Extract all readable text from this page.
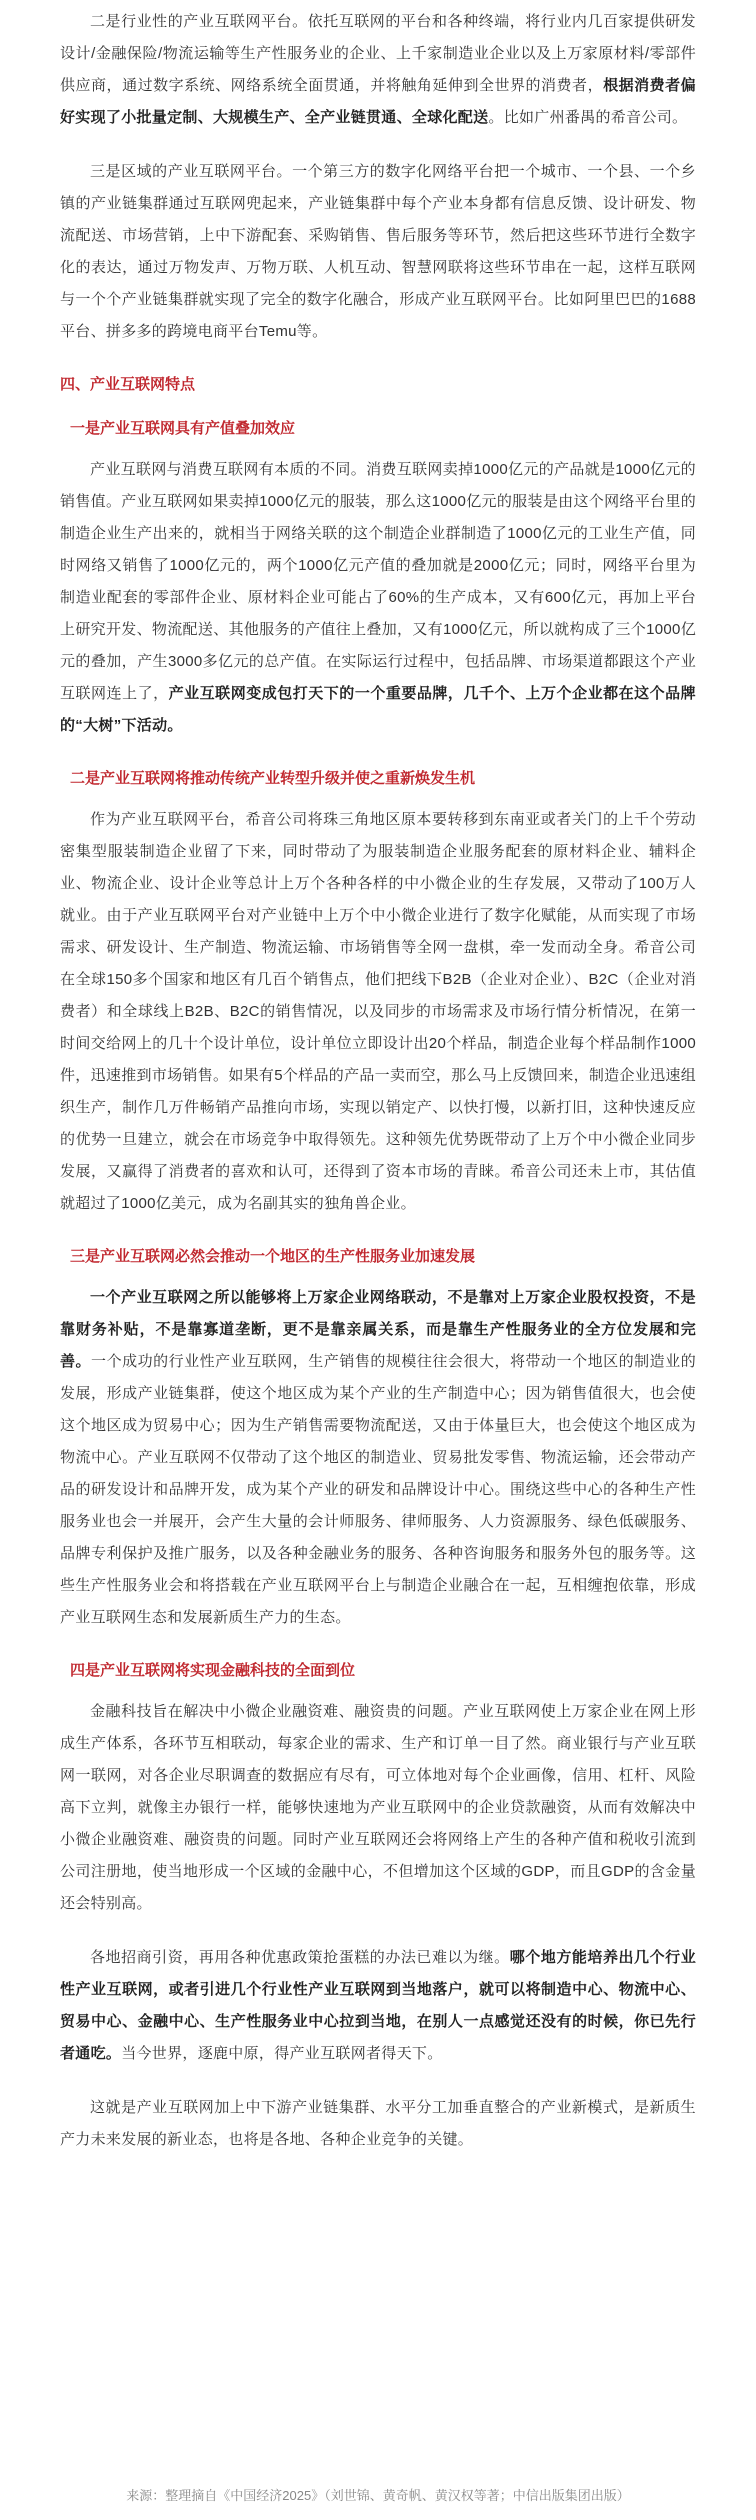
二是行业性的产业互联网平台。依托互联网的平台和各种终端，将行业内几百家提供研发设计/金融保险/物流运输等生产性服务业的企业、上千家制造业企业以及上万家原材料/零部件供应商，通过数字系统、网络系统全面贯通，并将触角延伸到全世界的消费者，根据消费者偏好实现了小批量定制、大规模生产、全产业链贯通、全球化配送。比如广州番禺的希音公司。

三是区域的产业互联网平台。一个第三方的数字化网络平台把一个城市、一个县、一个乡镇的产业链集群通过互联网兜起来，产业链集群中每个产业本身都有信息反馈、设计研发、物流配送、市场营销，上中下游配套、采购销售、售后服务等环节，然后把这些环节进行全数字化的表达，通过万物发声、万物万联、人机互动、智慧网联将这些环节串在一起，这样互联网与一个个产业链集群就实现了完全的数字化融合，形成产业互联网平台。比如阿里巴巴的1688平台、拼多多的跨境电商平台Temu等。

四、产业互联网特点
一是产业互联网具有产值叠加效应

产业互联网与消费互联网有本质的不同。消费互联网卖掉1000亿元的产品就是1000亿元的销售值。产业互联网如果卖掉1000亿元的服装，那么这1000亿元的服装是由这个网络平台里的制造企业生产出来的，就相当于网络关联的这个制造企业群制造了1000亿元的工业生产值，同时网络又销售了1000亿元的，两个1000亿元产值的叠加就是2000亿元；同时，网络平台里为制造业配套的零部件企业、原材料企业可能占了60%的生产成本，又有600亿元，再加上平台上研究开发、物流配送、其他服务的产值往上叠加，又有1000亿元，所以就构成了三个1000亿元的叠加，产生3000多亿元的总产值。在实际运行过程中，包括品牌、市场渠道都跟这个产业互联网连上了，产业互联网变成包打天下的一个重要品牌，几千个、上万个企业都在这个品牌的“大树”下活动。

二是产业互联网将推动传统产业转型升级并使之重新焕发生机

作为产业互联网平台，希音公司将珠三角地区原本要转移到东南亚或者关门的上千个劳动密集型服装制造企业留了下来，同时带动了为服装制造企业服务配套的原材料企业、辅料企业、物流企业、设计企业等总计上万个各种各样的中小微企业的生存发展，又带动了100万人就业。由于产业互联网平台对产业链中上万个中小微企业进行了数字化赋能，从而实现了市场需求、研发设计、生产制造、物流运输、市场销售等全网一盘棋，牵一发而动全身。希音公司在全球150多个国家和地区有几百个销售点，他们把线下B2B（企业对企业）、B2C（企业对消费者）和全球线上B2B、B2C的销售情况，以及同步的市场需求及市场行情分析情况，在第一时间交给网上的几十个设计单位，设计单位立即设计出20个样品，制造企业每个样品制作1000件，迅速推到市场销售。如果有5个样品的产品一卖而空，那么马上反馈回来，制造企业迅速组织生产，制作几万件畅销产品推向市场，实现以销定产、以快打慢，以新打旧，这种快速反应的优势一旦建立，就会在市场竞争中取得领先。这种领先优势既带动了上万个中小微企业同步发展，又赢得了消费者的喜欢和认可，还得到了资本市场的青睐。希音公司还未上市，其估值就超过了1000亿美元，成为名副其实的独角兽企业。

三是产业互联网必然会推动一个地区的生产性服务业加速发展

一个产业互联网之所以能够将上万家企业网络联动，不是靠对上万家企业股权投资，不是靠财务补贴，不是靠寡道垄断，更不是靠亲属关系，而是靠生产性服务业的全方位发展和完善。一个成功的行业性产业互联网，生产销售的规模往往会很大，将带动一个地区的制造业的发展，形成产业链集群，使这个地区成为某个产业的生产制造中心；因为销售值很大，也会使这个地区成为贸易中心；因为生产销售需要物流配送，又由于体量巨大，也会使这个地区成为物流中心。产业互联网不仅带动了这个地区的制造业、贸易批发零售、物流运输，还会带动产品的研发设计和品牌开发，成为某个产业的研发和品牌设计中心。围绕这些中心的各种生产性服务业也会一并展开，会产生大量的会计师服务、律师服务、人力资源服务、绿色低碳服务、品牌专利保护及推广服务，以及各种金融业务的服务、各种咨询服务和服务外包的服务等。这些生产性服务业会和将搭载在产业互联网平台上与制造企业融合在一起，互相缠抱依靠，形成产业互联网生态和发展新质生产力的生态。

四是产业互联网将实现金融科技的全面到位

金融科技旨在解决中小微企业融资难、融资贵的问题。产业互联网使上万家企业在网上形成生产体系，各环节互相联动，每家企业的需求、生产和订单一目了然。商业银行与产业互联网一联网，对各企业尽职调查的数据应有尽有，可立体地对每个企业画像，信用、杠杆、风险高下立判，就像主办银行一样，能够快速地为产业互联网中的企业贷款融资，从而有效解决中小微企业融资难、融资贵的问题。同时产业互联网还会将网络上产生的各种产值和税收引流到公司注册地，使当地形成一个区域的金融中心，不但增加这个区域的GDP，而且GDP的含金量还会特别高。

各地招商引资，再用各种优惠政策抢蛋糕的办法已难以为继。哪个地方能培养出几个行业性产业互联网，或者引进几个行业性产业互联网到当地落户，就可以将制造中心、物流中心、贸易中心、金融中心、生产性服务业中心拉到当地，在别人一点感觉还没有的时候，你已先行者通吃。当今世界，逐鹿中原，得产业互联网者得天下。

这就是产业互联网加上中下游产业链集群、水平分工加垂直整合的产业新模式，是新质生产力未来发展的新业态，也将是各地、各种企业竞争的关键。

来源：整理摘自《中国经济2025》（刘世锦、黄奇帆、黄汉权等著；中信出版集团出版）
